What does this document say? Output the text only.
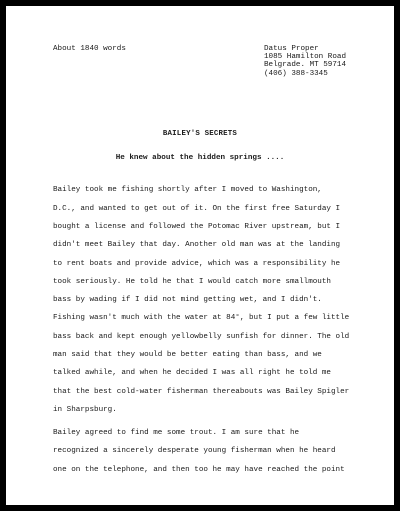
About 1840 words	Datus Proper
1085 Hamilton Road
Belgrade. MT 59714
(406) 388-3345
BAILEY'S SECRETS
He knew about the hidden springs ....
Bailey took me fishing shortly after I moved to Washington,
D.C., and wanted to get out of it. On the first free Saturday I
bought a license and followed the Potomac River upstream, but I
didn't meet Bailey that day. Another old man was at the landing
to rent boats and provide advice, which was a responsibility he
took seriously. He told he that I would catch more smallmouth
bass by wading if I did not mind getting wet, and I didn't.
Fishing wasn't much with the water at 84°, but I put a few little
bass back and kept enough yellowbelly sunfish for dinner. The old
man said that they would be better eating than bass, and we
talked awhile, and when he decided I was all right he told me
that the best cold-water fisherman thereabouts was Bailey Spigler
in Sharpsburg.
Bailey agreed to find me some trout. I am sure that he
recognized a sincerely desperate young fisherman when he heard
one on the telephone, and then too he may have reached the point
